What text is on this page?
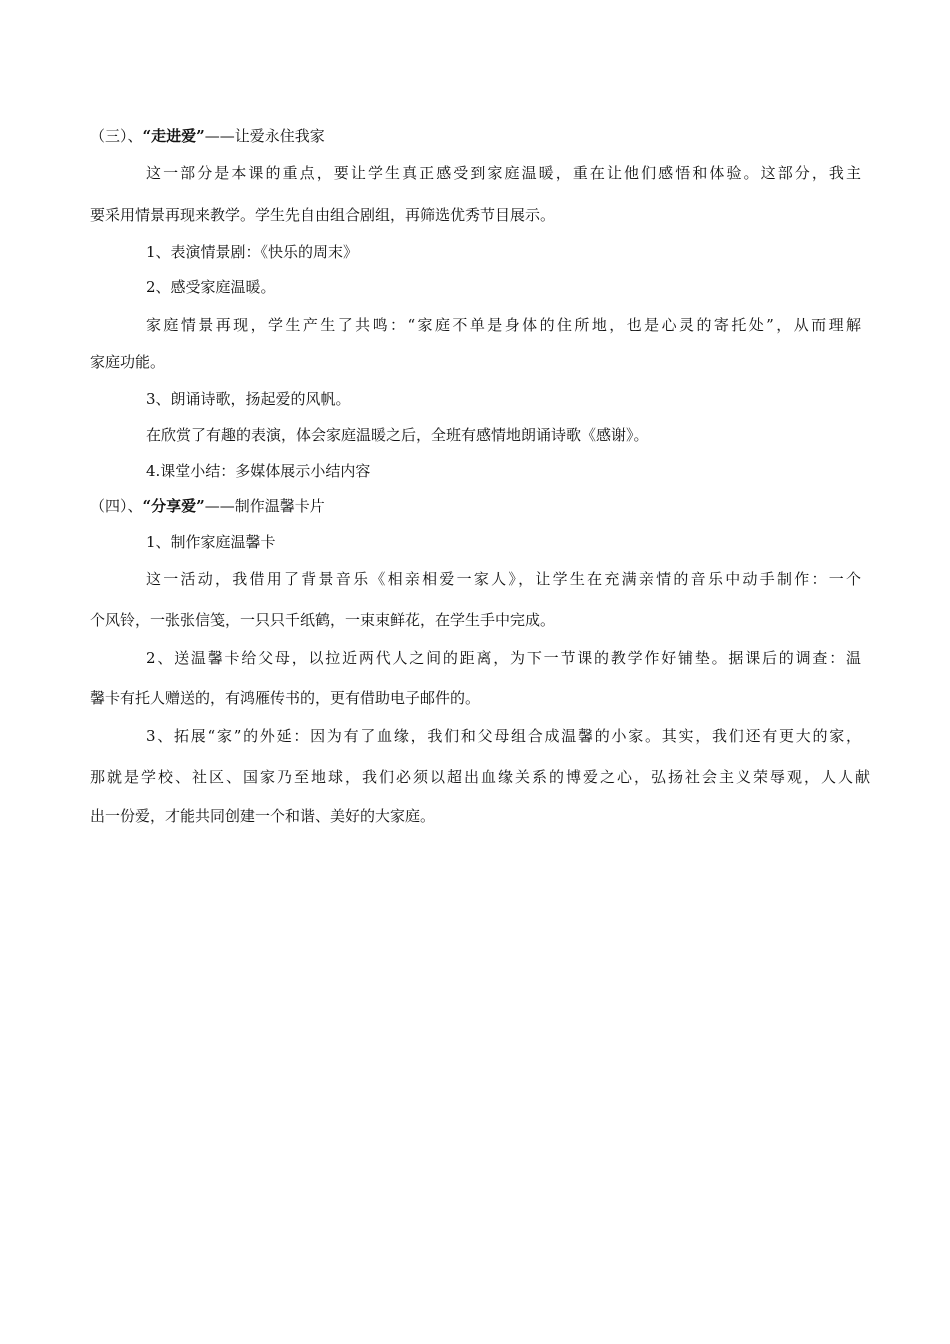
（三）、“走进爱”——让爱永住我家
这一部分是本课的重点，要让学生真正感受到家庭温暖，重在让他们感悟和体验。这部分，我主
要采用情景再现来教学。学生先自由组合剧组，再筛选优秀节目展示。
1、表演情景剧：《快乐的周末》
2、感受家庭温暖。
家庭情景再现，学生产生了共鸣：“家庭不单是身体的住所地，也是心灵的寄托处”，从而理解
家庭功能。
3、朗诵诗歌，扬起爱的风帆。
在欣赏了有趣的表演，体会家庭温暖之后，全班有感情地朗诵诗歌《感谢》。
4.课堂小结：多媒体展示小结内容
（四）、“分享爱”——制作温馨卡片
1、制作家庭温馨卡
这一活动，我借用了背景音乐《相亲相爱一家人》，让学生在充满亲情的音乐中动手制作：一个
个风铃，一张张信笺，一只只千纸鹤，一束束鲜花，在学生手中完成。
2、送温馨卡给父母，以拉近两代人之间的距离，为下一节课的教学作好铺垫。据课后的调查：温
馨卡有托人赠送的，有鸿雁传书的，更有借助电子邮件的。
3、拓展“家”的外延：因为有了血缘，我们和父母组合成温馨的小家。其实，我们还有更大的家，
那就是学校、社区、国家乃至地球，我们必须以超出血缘关系的博爱之心，弘扬社会主义荣辱观，人人献
出一份爱，才能共同创建一个和谐、美好的大家庭。
